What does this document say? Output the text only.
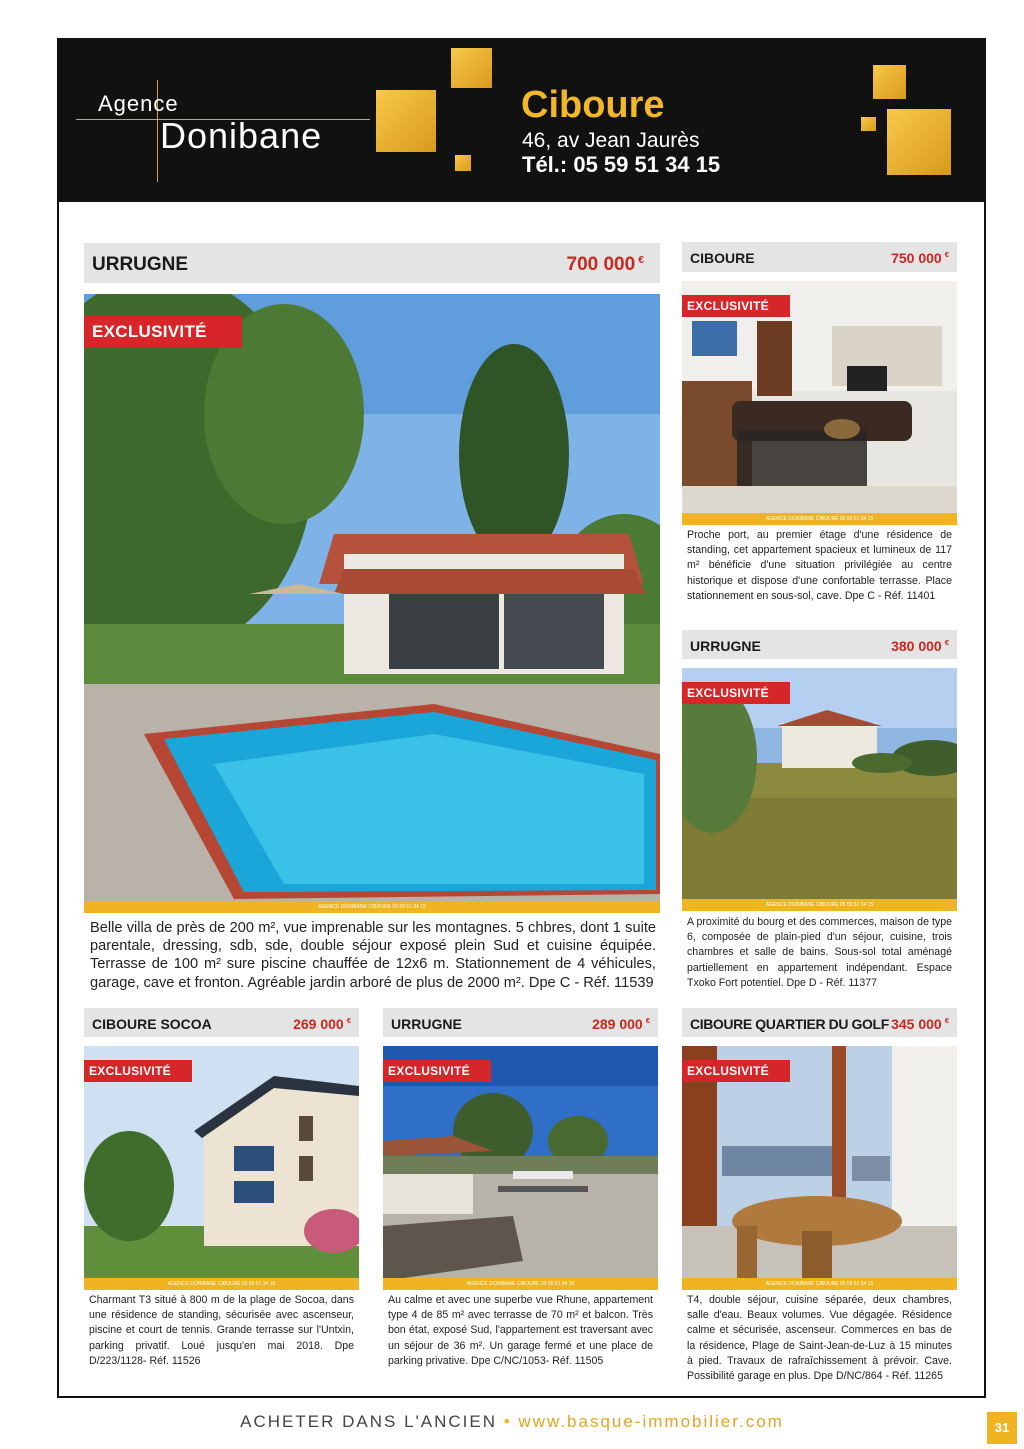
Agence
Donibane
Ciboure
46, av Jean Jaurès
Tél.: 05 59 51 34 15
URRUGNE	700 000 €
EXCLUSIVITÉ
AGENCE DONIBANE CIBOURE 05 59 51 34 15
Belle villa de près de 200 m², vue imprenable sur les montagnes. 5 chbres, dont 1 suite parentale, dressing, sdb, sde, double séjour exposé plein Sud et cuisine équipée. Terrasse de 100 m² sure piscine chauffée de 12x6 m. Stationnement de 4 véhicules, garage, cave et fronton. Agréable jardin arboré de plus de 2000 m². Dpe C - Réf. 11539
CIBOURE	750 000 €
EXCLUSIVITÉ
AGENCE DONIBANE CIBOURE 05 59 51 34 15
Proche port, au premier étage d'une résidence de standing, cet appartement spacieux et lumineux de 117 m² bénéficie d'une situation privilégiée au centre historique et dispose d'une confortable terrasse. Place stationnement en sous-sol, cave. Dpe C - Réf. 11401
URRUGNE	380 000 €
EXCLUSIVITÉ
AGENCE DONIBANE CIBOURE 05 59 51 34 15
A proximité du bourg et des commerces, maison de type 6, composée de plain-pied d'un séjour, cuisine, trois chambres et salle de bains. Sous-sol total aménagé partiellement en appartement indépendant. Espace Txoko Fort potentiel. Dpe D - Réf. 11377
CIBOURE SOCOA	269 000 €
EXCLUSIVITÉ
AGENCE DONIBANE CIBOURE 05 59 51 34 15
Charmant T3 situé à 800 m de la plage de Socoa, dans une résidence de standing, sécurisée avec ascenseur, piscine et court de tennis. Grande terrasse sur l'Untxin, parking privatif. Loué jusqu'en mai 2018. Dpe D/223/1128- Réf. 11526
URRUGNE	289 000 €
EXCLUSIVITÉ
AGENCE DONIBANE CIBOURE 05 59 51 34 15
Au calme et avec une superbe vue Rhune, appartement type 4 de 85 m² avec terrasse de 70 m² et balcon. Très bon état, exposé Sud, l'appartement est traversant avec un séjour de 36 m². Un garage fermé et une place de parking privative. Dpe C/NC/1053- Réf. 11505
CIBOURE QUARTIER DU GOLF 345 000 €
EXCLUSIVITÉ
AGENCE DONIBANE CIBOURE 05 59 51 34 15
T4, double séjour, cuisine séparée, deux chambres, salle d'eau. Beaux volumes. Vue dégagée. Résidence calme et sécurisée, ascenseur. Commerces en bas de la résidence, Plage de Saint-Jean-de-Luz à 15 minutes à pied. Travaux de rafraîchissement à prévoir. Cave. Possibilité garage en plus. Dpe D/NC/864 - Réf. 11265
ACHETER DANS L'ANCIEN • www.basque-immobilier.com	31
